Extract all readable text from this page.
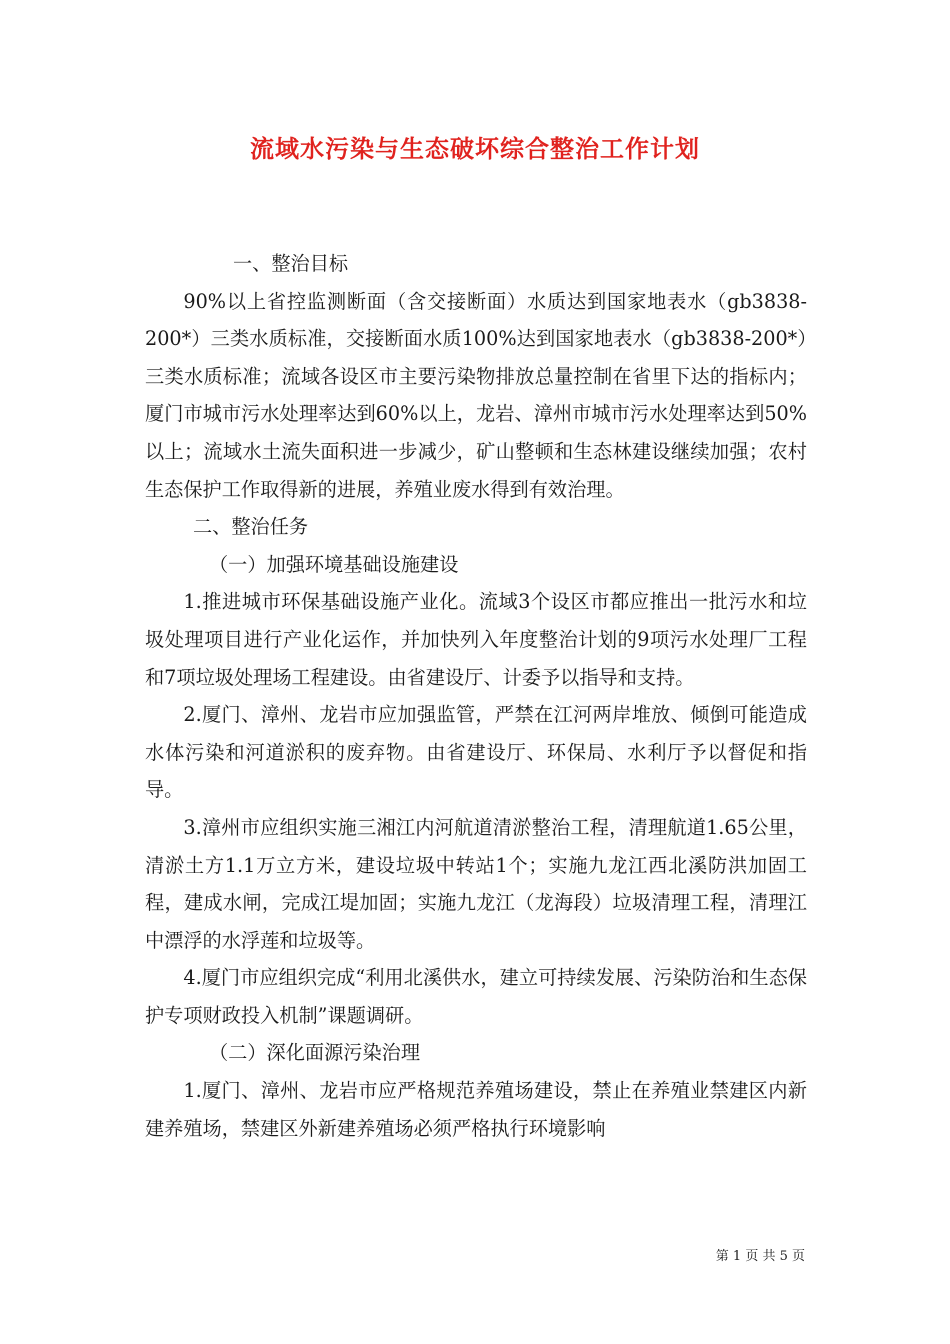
流域水污染与生态破坏综合整治工作计划

一、整治目标

90%以上省控监测断面（含交接断面）水质达到国家地表水（gb3838-200*）三类水质标准，交接断面水质100%达到国家地表水（gb3838-200*）三类水质标准；流域各设区市主要污染物排放总量控制在省里下达的指标内；厦门市城市污水处理率达到60%以上，龙岩、漳州市城市污水处理率达到50%以上；流域水土流失面积进一步减少，矿山整顿和生态林建设继续加强；农村生态保护工作取得新的进展，养殖业废水得到有效治理。

二、整治任务

（一）加强环境基础设施建设

1.推进城市环保基础设施产业化。流域3个设区市都应推出一批污水和垃圾处理项目进行产业化运作，并加快列入年度整治计划的9项污水处理厂工程和7项垃圾处理场工程建设。由省建设厅、计委予以指导和支持。

2.厦门、漳州、龙岩市应加强监管，严禁在江河两岸堆放、倾倒可能造成水体污染和河道淤积的废弃物。由省建设厅、环保局、水利厅予以督促和指导。

3.漳州市应组织实施三湘江内河航道清淤整治工程，清理航道1.65公里，清淤土方1.1万立方米，建设垃圾中转站1个；实施九龙江西北溪防洪加固工程，建成水闸，完成江堤加固；实施九龙江（龙海段）垃圾清理工程，清理江中漂浮的水浮莲和垃圾等。

4.厦门市应组织完成“利用北溪供水，建立可持续发展、污染防治和生态保护专项财政投入机制”课题调研。

（二）深化面源污染治理

1.厦门、漳州、龙岩市应严格规范养殖场建设，禁止在养殖业禁建区内新建养殖场，禁建区外新建养殖场必须严格执行环境影响

第 1 页 共 5 页
